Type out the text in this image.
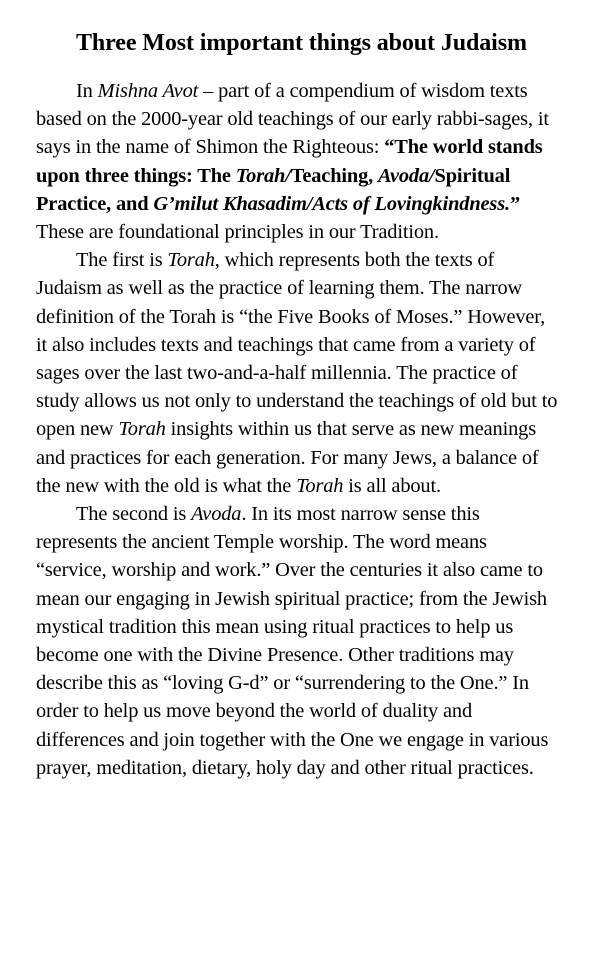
Three Most important things about Judaism

In Mishna Avot – part of a compendium of wisdom texts based on the 2000-year old teachings of our early rabbi-sages, it says in the name of Shimon the Righteous: “The world stands upon three things: The Torah/Teaching, Avoda/Spiritual Practice, and G’milut Khasadim/Acts of Lovingkindness.” These are foundational principles in our Tradition.

The first is Torah, which represents both the texts of Judaism as well as the practice of learning them. The narrow definition of the Torah is “the Five Books of Moses.” However, it also includes texts and teachings that came from a variety of sages over the last two-and-a-half millennia. The practice of study allows us not only to understand the teachings of old but to open new Torah insights within us that serve as new meanings and practices for each generation. For many Jews, a balance of the new with the old is what the Torah is all about.

The second is Avoda. In its most narrow sense this represents the ancient Temple worship. The word means “service, worship and work.” Over the centuries it also came to mean our engaging in Jewish spiritual practice; from the Jewish mystical tradition this mean using ritual practices to help us become one with the Divine Presence. Other traditions may describe this as “loving G-d” or “surrendering to the One.” In order to help us move beyond the world of duality and differences and join together with the One we engage in various prayer, meditation, dietary, holy day and other ritual practices.
